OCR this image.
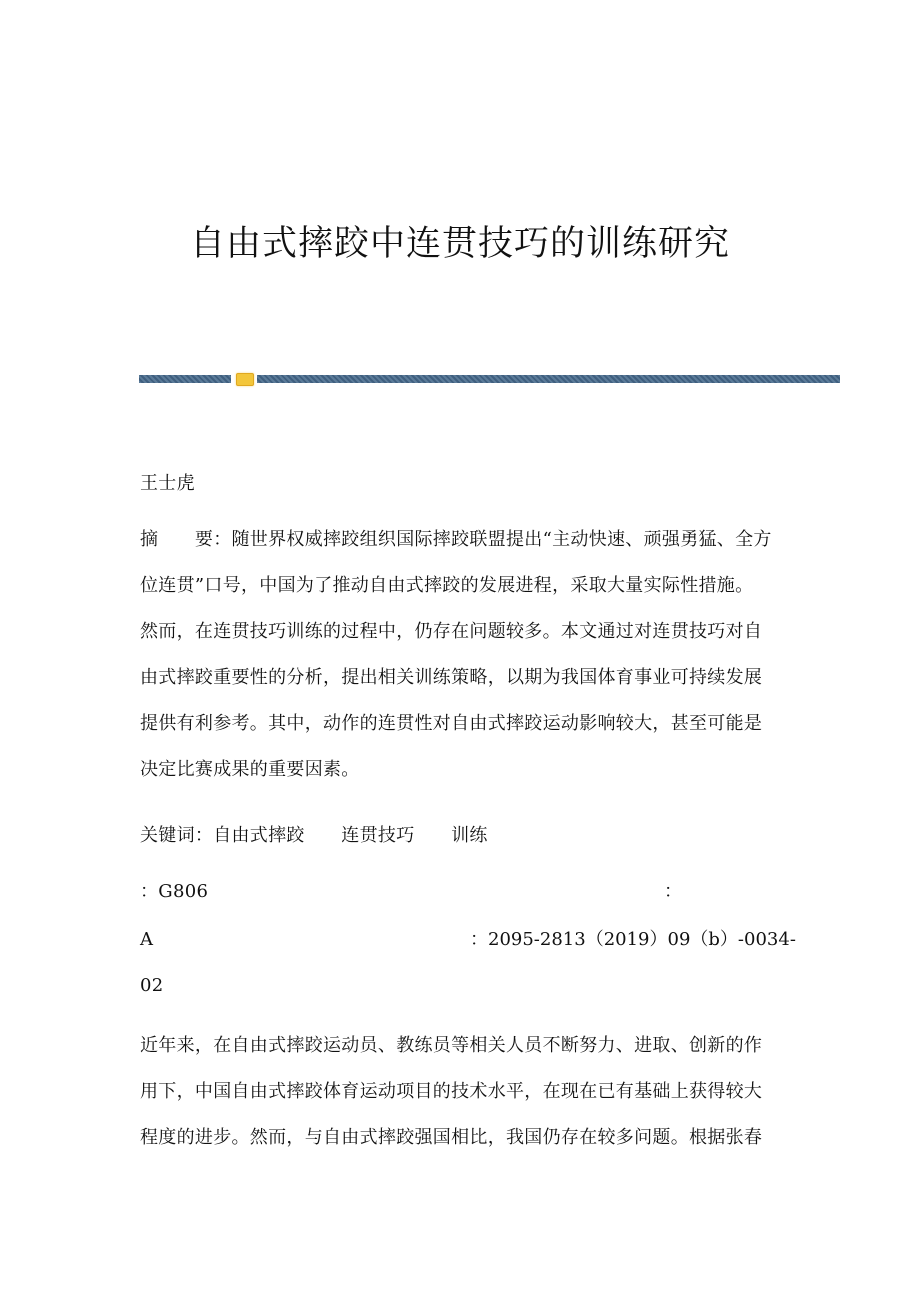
自由式摔跤中连贯技巧的训练研究
王士虎
摘　　要：随世界权威摔跤组织国际摔跤联盟提出“主动快速、顽强勇猛、全方
位连贯”口号，中国为了推动自由式摔跤的发展进程，采取大量实际性措施。
然而，在连贯技巧训练的过程中，仍存在问题较多。本文通过对连贯技巧对自
由式摔跤重要性的分析，提出相关训练策略，以期为我国体育事业可持续发展
提供有利参考。其中，动作的连贯性对自由式摔跤运动影响较大，甚至可能是
决定比赛成果的重要因素。
关键词：自由式摔跤　　连贯技巧　　训练
：G806	：
A	：2095-2813（2019）09（b）-0034-
02
近年来，在自由式摔跤运动员、教练员等相关人员不断努力、进取、创新的作
用下，中国自由式摔跤体育运动项目的技术水平，在现在已有基础上获得较大
程度的进步。然而，与自由式摔跤强国相比，我国仍存在较多问题。根据张春
